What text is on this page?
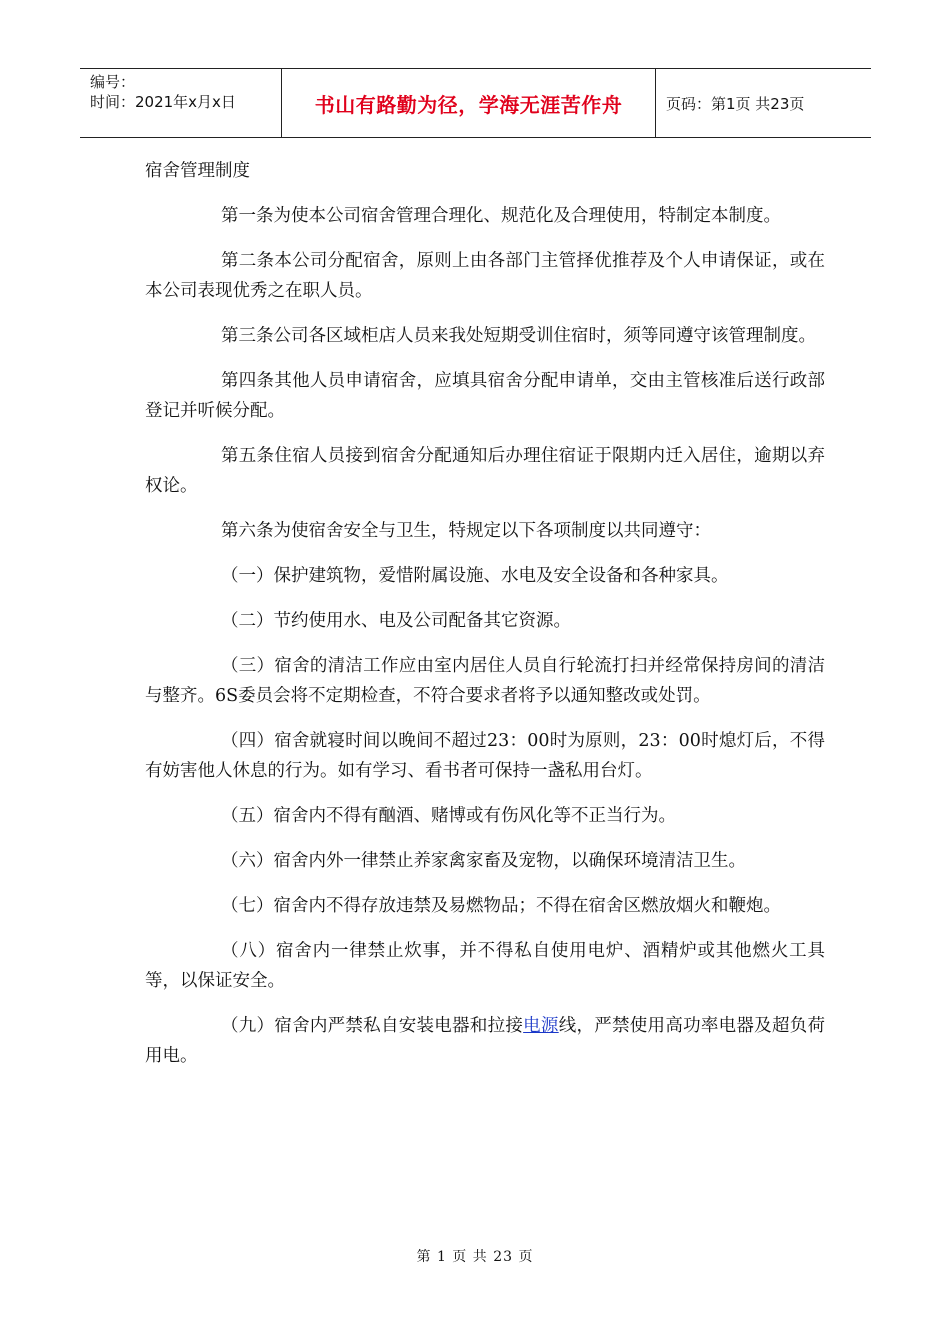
编号：
时间：2021年x月x日	书山有路勤为径，学海无涯苦作舟	页码：第1页 共23页
宿舍管理制度

第一条为使本公司宿舍管理合理化、规范化及合理使用，特制定本制度。

第二条本公司分配宿舍，原则上由各部门主管择优推荐及个人申请保证，或在本公司表现优秀之在职人员。

第三条公司各区域柜店人员来我处短期受训住宿时，须等同遵守该管理制度。

第四条其他人员申请宿舍，应填具宿舍分配申请单，交由主管核准后送行政部登记并听候分配。

第五条住宿人员接到宿舍分配通知后办理住宿证于限期内迁入居住，逾期以弃权论。

第六条为使宿舍安全与卫生，特规定以下各项制度以共同遵守：

（一）保护建筑物，爱惜附属设施、水电及安全设备和各种家具。

（二）节约使用水、电及公司配备其它资源。

（三）宿舍的清洁工作应由室内居住人员自行轮流打扫并经常保持房间的清洁与整齐。6S委员会将不定期检查，不符合要求者将予以通知整改或处罚。

（四）宿舍就寝时间以晚间不超过23：00时为原则，23：00时熄灯后，不得有妨害他人休息的行为。如有学习、看书者可保持一盏私用台灯。

（五）宿舍内不得有酗酒、赌博或有伤风化等不正当行为。

（六）宿舍内外一律禁止养家禽家畜及宠物，以确保环境清洁卫生。

（七）宿舍内不得存放违禁及易燃物品；不得在宿舍区燃放烟火和鞭炮。

（八）宿舍内一律禁止炊事，并不得私自使用电炉、酒精炉或其他燃火工具等，以保证安全。

（九）宿舍内严禁私自安装电器和拉接电源线，严禁使用高功率电器及超负荷用电。

第 1 页 共 23 页
